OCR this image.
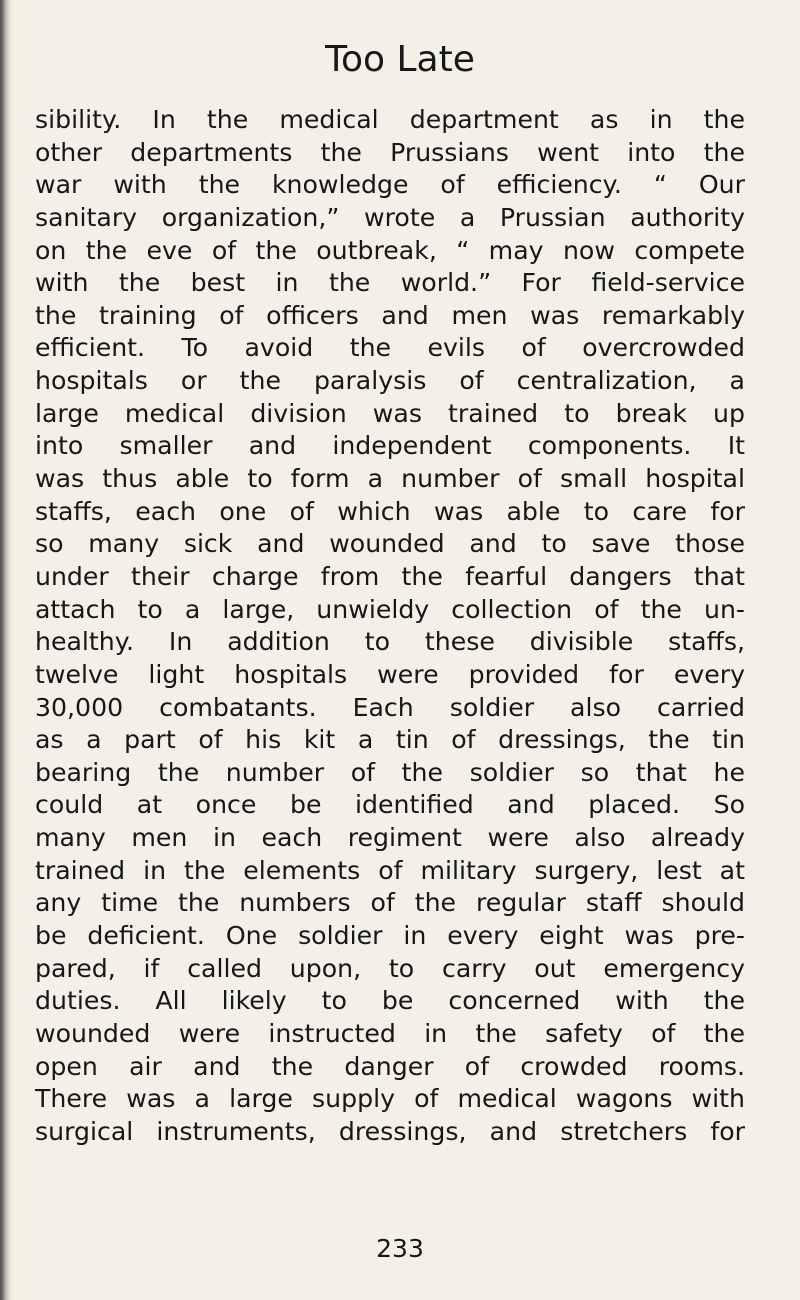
Too Late
sibility. In the medical department as in the
other departments the Prussians went into the
war with the knowledge of efficiency. “ Our
sanitary organization,” wrote a Prussian authority
on the eve of the outbreak, “ may now compete
with the best in the world.” For field-service
the training of officers and men was remarkably
efficient. To avoid the evils of overcrowded
hospitals or the paralysis of centralization, a
large medical division was trained to break up
into smaller and independent components. It
was thus able to form a number of small hospital
staffs, each one of which was able to care for
so many sick and wounded and to save those
under their charge from the fearful dangers that
attach to a large, unwieldy collection of the un-
healthy. In addition to these divisible staffs,
twelve light hospitals were provided for every
30,000 combatants. Each soldier also carried
as a part of his kit a tin of dressings, the tin
bearing the number of the soldier so that he
could at once be identified and placed. So
many men in each regiment were also already
trained in the elements of military surgery, lest at
any time the numbers of the regular staff should
be deficient. One soldier in every eight was pre-
pared, if called upon, to carry out emergency
duties. All likely to be concerned with the
wounded were instructed in the safety of the
open air and the danger of crowded rooms.
There was a large supply of medical wagons with
surgical instruments, dressings, and stretchers for
233
